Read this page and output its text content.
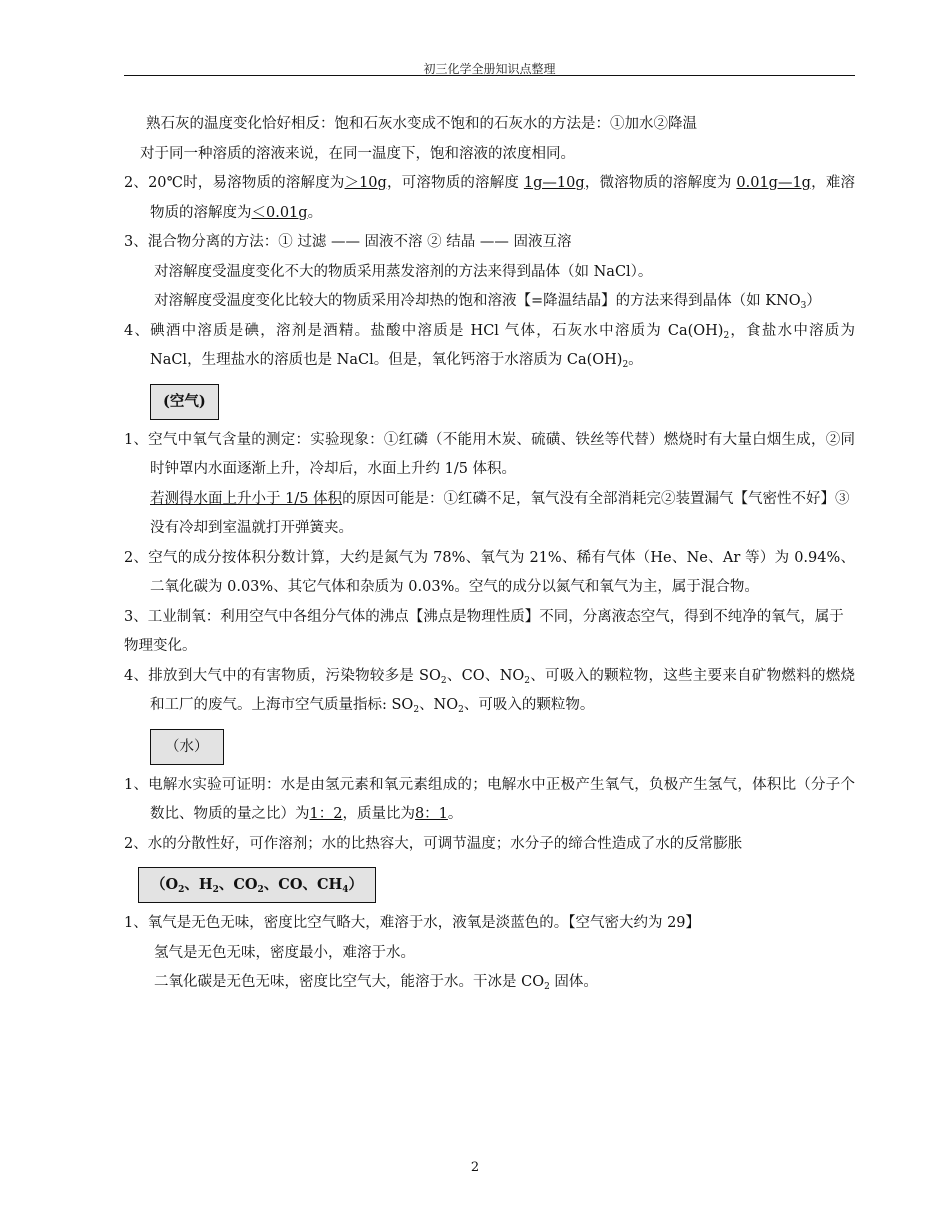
初三化学全册知识点整理

熟石灰的温度变化恰好相反：饱和石灰水变成不饱和的石灰水的方法是：①加水②降温

对于同一种溶质的溶液来说，在同一温度下，饱和溶液的浓度相同。

2、20℃时，易溶物质的溶解度为＞10g，可溶物质的溶解度 1g—10g，微溶物质的溶解度为 0.01g—1g，难溶物质的溶解度为＜0.01g。

3、混合物分离的方法：① 过滤 —— 固液不溶 ② 结晶 —— 固液互溶

对溶解度受温度变化不大的物质采用蒸发溶剂的方法来得到晶体（如 NaCl）。

对溶解度受温度变化比较大的物质采用冷却热的饱和溶液【=降温结晶】的方法来得到晶体（如 $KNO_3$）

4、碘酒中溶质是碘，溶剂是酒精。盐酸中溶质是 HCl 气体，石灰水中溶质为 $Ca(OH)_2$，食盐水中溶质为 NaCl，生理盐水的溶质也是 NaCl。但是，氧化钙溶于水溶质为 $Ca(OH)_2$。

(空气)

1、空气中氧气含量的测定：实验现象：①红磷（不能用木炭、硫磺、铁丝等代替）燃烧时有大量白烟生成，②同时钟罩内水面逐渐上升，冷却后，水面上升约 1/5 体积。

若测得水面上升小于 1/5 体积的原因可能是：①红磷不足，氧气没有全部消耗完②装置漏气【气密性不好】③没有冷却到室温就打开弹簧夹。

2、空气的成分按体积分数计算，大约是氮气为 78%、氧气为 21%、稀有气体（He、Ne、Ar 等）为 0.94%、二氧化碳为 0.03%、其它气体和杂质为 0.03%。空气的成分以氮气和氧气为主，属于混合物。

3、工业制氧：利用空气中各组分气体的沸点【沸点是物理性质】不同，分离液态空气，得到不纯净的氧气，属于物理变化。

4、排放到大气中的有害物质，污染物较多是 $SO_2$、CO、$NO_2$、可吸入的颗粒物，这些主要来自矿物燃料的燃烧和工厂的废气。上海市空气质量指标: $SO_2$、$NO_2$、可吸入的颗粒物。

（水）

1、电解水实验可证明：水是由氢元素和氧元素组成的；电解水中正极产生氧气，负极产生氢气，体积比（分子个数比、物质的量之比）为1：2，质量比为8：1。

2、水的分散性好，可作溶剂；水的比热容大，可调节温度；水分子的缔合性造成了水的反常膨胀

（$O_2$、$H_2$、$CO_2$、CO、$CH_4$）

1、氧气是无色无味，密度比空气略大，难溶于水，液氧是淡蓝色的。【空气密大约为 29】

氢气是无色无味，密度最小，难溶于水。

二氧化碳是无色无味，密度比空气大，能溶于水。干冰是 $CO_2$ 固体。

2
